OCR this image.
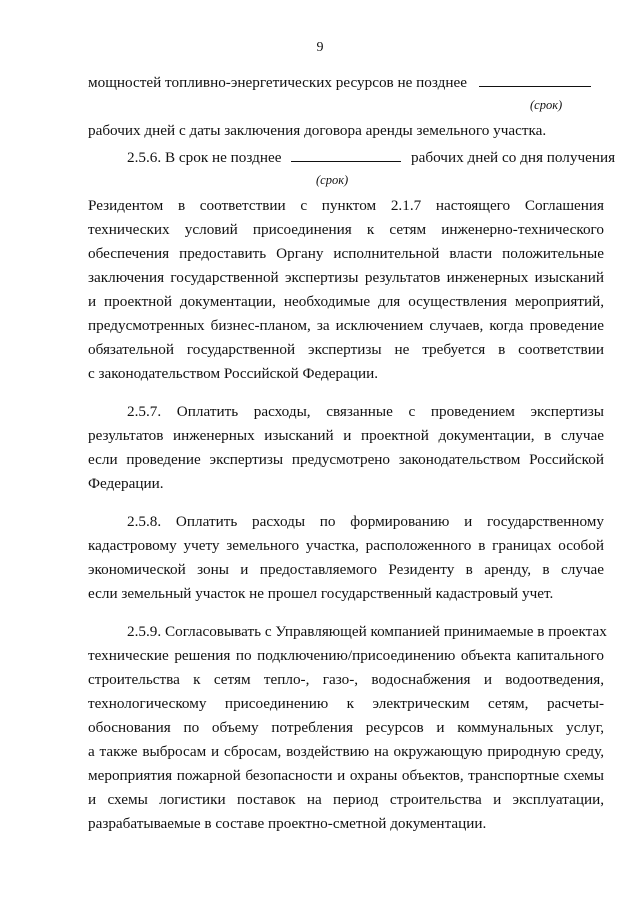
9
мощностей топливно-энергетических ресурсов не позднее
(срок)
рабочих дней с даты заключения договора аренды земельного участка.
2.5.6. В срок не позднее	рабочих дней со дня получения
(срок)
Резидентом в соответствии с пунктом 2.1.7 настоящего Соглашения
технических условий присоединения к сетям инженерно-технического
обеспечения предоставить Органу исполнительной власти положительные
заключения государственной экспертизы результатов инженерных изысканий
и проектной документации, необходимые для осуществления мероприятий,
предусмотренных бизнес-планом, за исключением случаев, когда проведение
обязательной государственной экспертизы не требуется в соответствии
с законодательством Российской Федерации.
2.5.7. Оплатить расходы, связанные с проведением экспертизы
результатов инженерных изысканий и проектной документации, в случае
если проведение экспертизы предусмотрено законодательством Российской
Федерации.
2.5.8. Оплатить расходы по формированию и государственному
кадастровому учету земельного участка, расположенного в границах особой
экономической зоны и предоставляемого Резиденту в аренду, в случае
если земельный участок не прошел государственный кадастровый учет.
2.5.9. Согласовывать с Управляющей компанией принимаемые в проектах
технические решения по подключению/присоединению объекта капитального
строительства к сетям тепло-, газо-, водоснабжения и водоотведения,
технологическому присоединению к электрическим сетям, расчеты-
обоснования по объему потребления ресурсов и коммунальных услуг,
а также выбросам и сбросам, воздействию на окружающую природную среду,
мероприятия пожарной безопасности и охраны объектов, транспортные схемы
и схемы логистики поставок на период строительства и эксплуатации,
разрабатываемые в составе проектно-сметной документации.
